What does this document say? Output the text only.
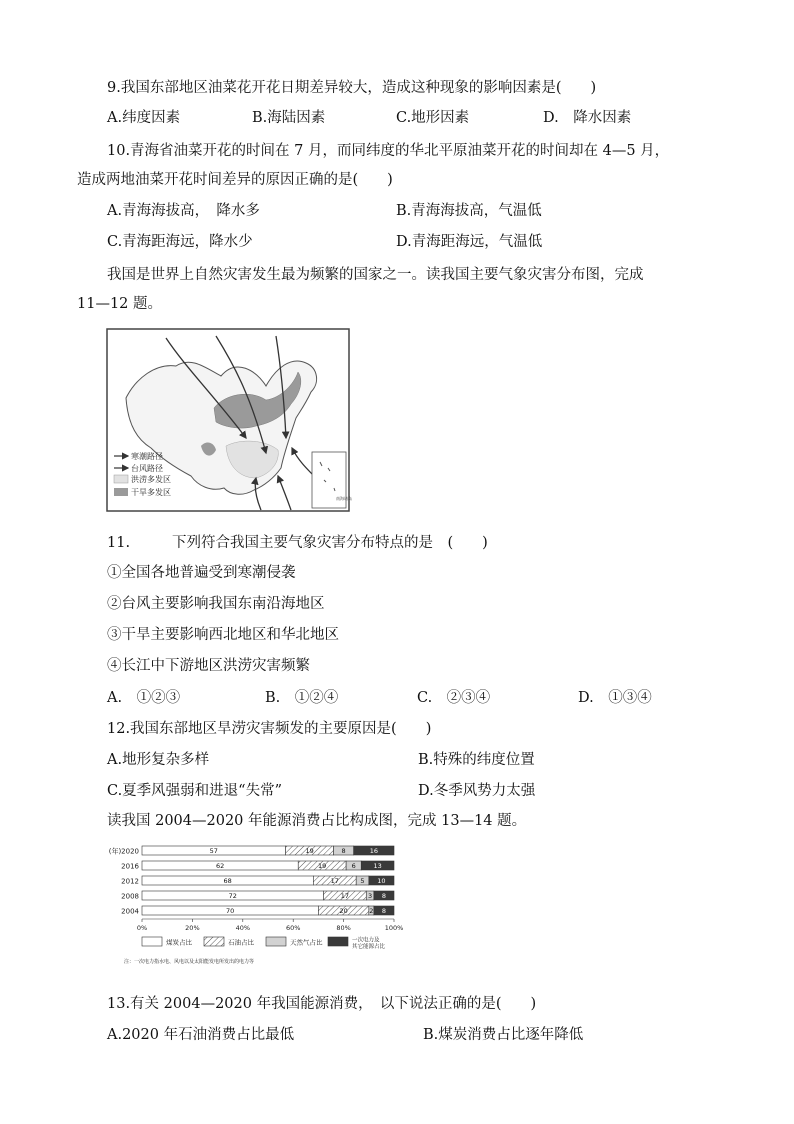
9.我国东部地区油菜花开花日期差异较大，造成这种现象的影响因素是(　　)
A.纬度因素	B.海陆因素	C.地形因素	D.　降水因素
10.青海省油菜开花的时间在 7 月，而同纬度的华北平原油菜开花的时间却在 4—5 月，
造成两地油菜开花时间差异的原因正确的是(　　)
A.青海海拔高，　降水多	B.青海海拔高，气温低
C.青海距海远，降水少	D.青海距海远，气温低
我国是世界上自然灾害发生最为频繁的国家之一。读我国主要气象灾害分布图，完成
11—12 题。
南海诸岛
寒潮路径
台风路径
洪涝多发区
干旱多发区
11.	下列符合我国主要气象灾害分布特点的是　(　　)
①全国各地普遍受到寒潮侵袭
②台风主要影响我国东南沿海地区
③干旱主要影响西北地区和华北地区
④长江中下游地区洪涝灾害频繁
A.　①②③	B.　①②④	C.　②③④	D.　①③④
12.我国东部地区旱涝灾害频发的主要原因是(　　)
A.地形复杂多样	B.特殊的纬度位置
C.夏季风强弱和进退“失常”	D.冬季风势力太强
读我国 2004—2020 年能源消费占比构成图，完成 13—14 题。
(年)2020	57	19	8	16
2016	62	19	6	13
2012	68	17	5 10
2008	72	17	3 8
2004	70	20	2 8
0%	20%	40%	60%	80%	100%
煤炭占比	石油占比	天然气占比	一次电力及
其它能源占比
注：一次电力指水电、风电以及太阳能发电所发出的电力等
13.有关 2004—2020 年我国能源消费，　以下说法正确的是(　　)
A.2020 年石油消费占比最低	B.煤炭消费占比逐年降低
